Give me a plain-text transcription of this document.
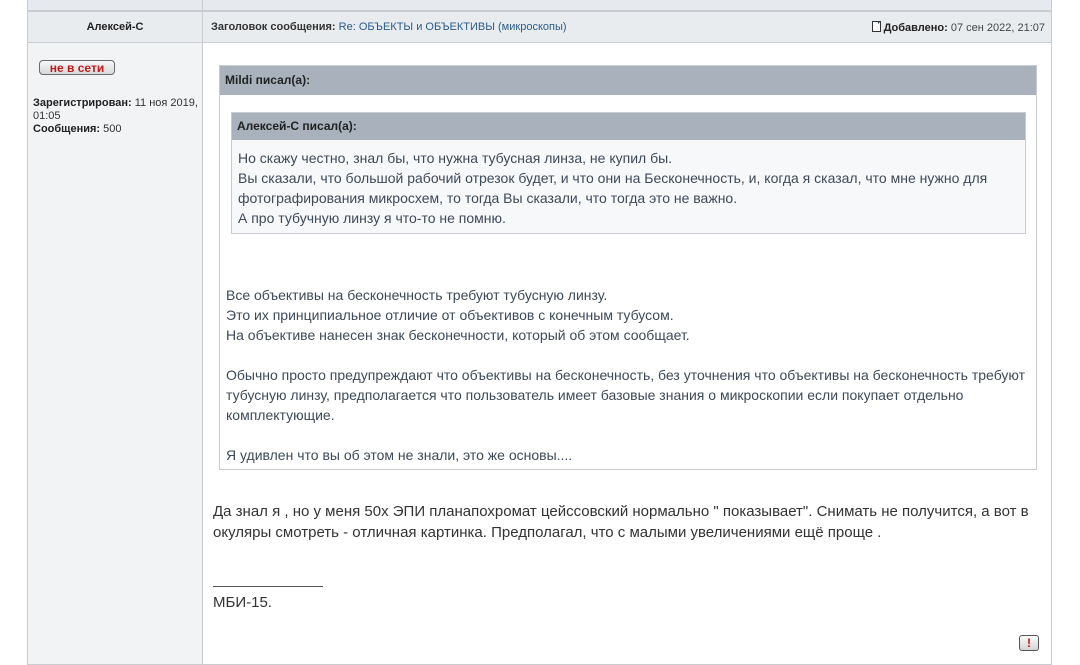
не в сети
Зарегистрирован: 11 ноя 2019, 01:05
Сообщения: 500
Алексей-С	Заголовок сообщения: Re: ОБЪЕКТЫ и ОБЪЕКТИВЫ (микроскопы)	Добавлено: 07 сен 2022, 21:07
Mildi писал(а):
Алексей-С писал(а):
Но скажу честно, знал бы, что нужна тубусная линза, не купил бы.
Вы сказали, что большой рабочий отрезок будет, и что они на Бесконечность, и, когда я сказал, что мне нужно для фотографирования микросхем, то тогда Вы сказали, что тогда это не важно.
А про тубучную линзу я что-то не помню.
Все объективы на бесконечность требуют тубусную линзу.
Это их принципиальное отличие от объективов с конечным тубусом.
На объективе нанесен знак бесконечности, который об этом сообщает.
Обычно просто предупреждают что объективы на бесконечность, без уточнения что объективы на бесконечность требуют тубусную линзу, предполагается что пользователь имеет базовые знания о микроскопии если покупает отдельно комплектующие.
Я удивлен что вы об этом не знали, это же основы....
Да знал я , но у меня 50х ЭПИ планапохромат цейссовский нормально " показывает". Снимать не получится, а вот в окуляры смотреть - отличная картинка. Предполагал, что с малыми увеличениями ещё проще .
МБИ-15.
!
